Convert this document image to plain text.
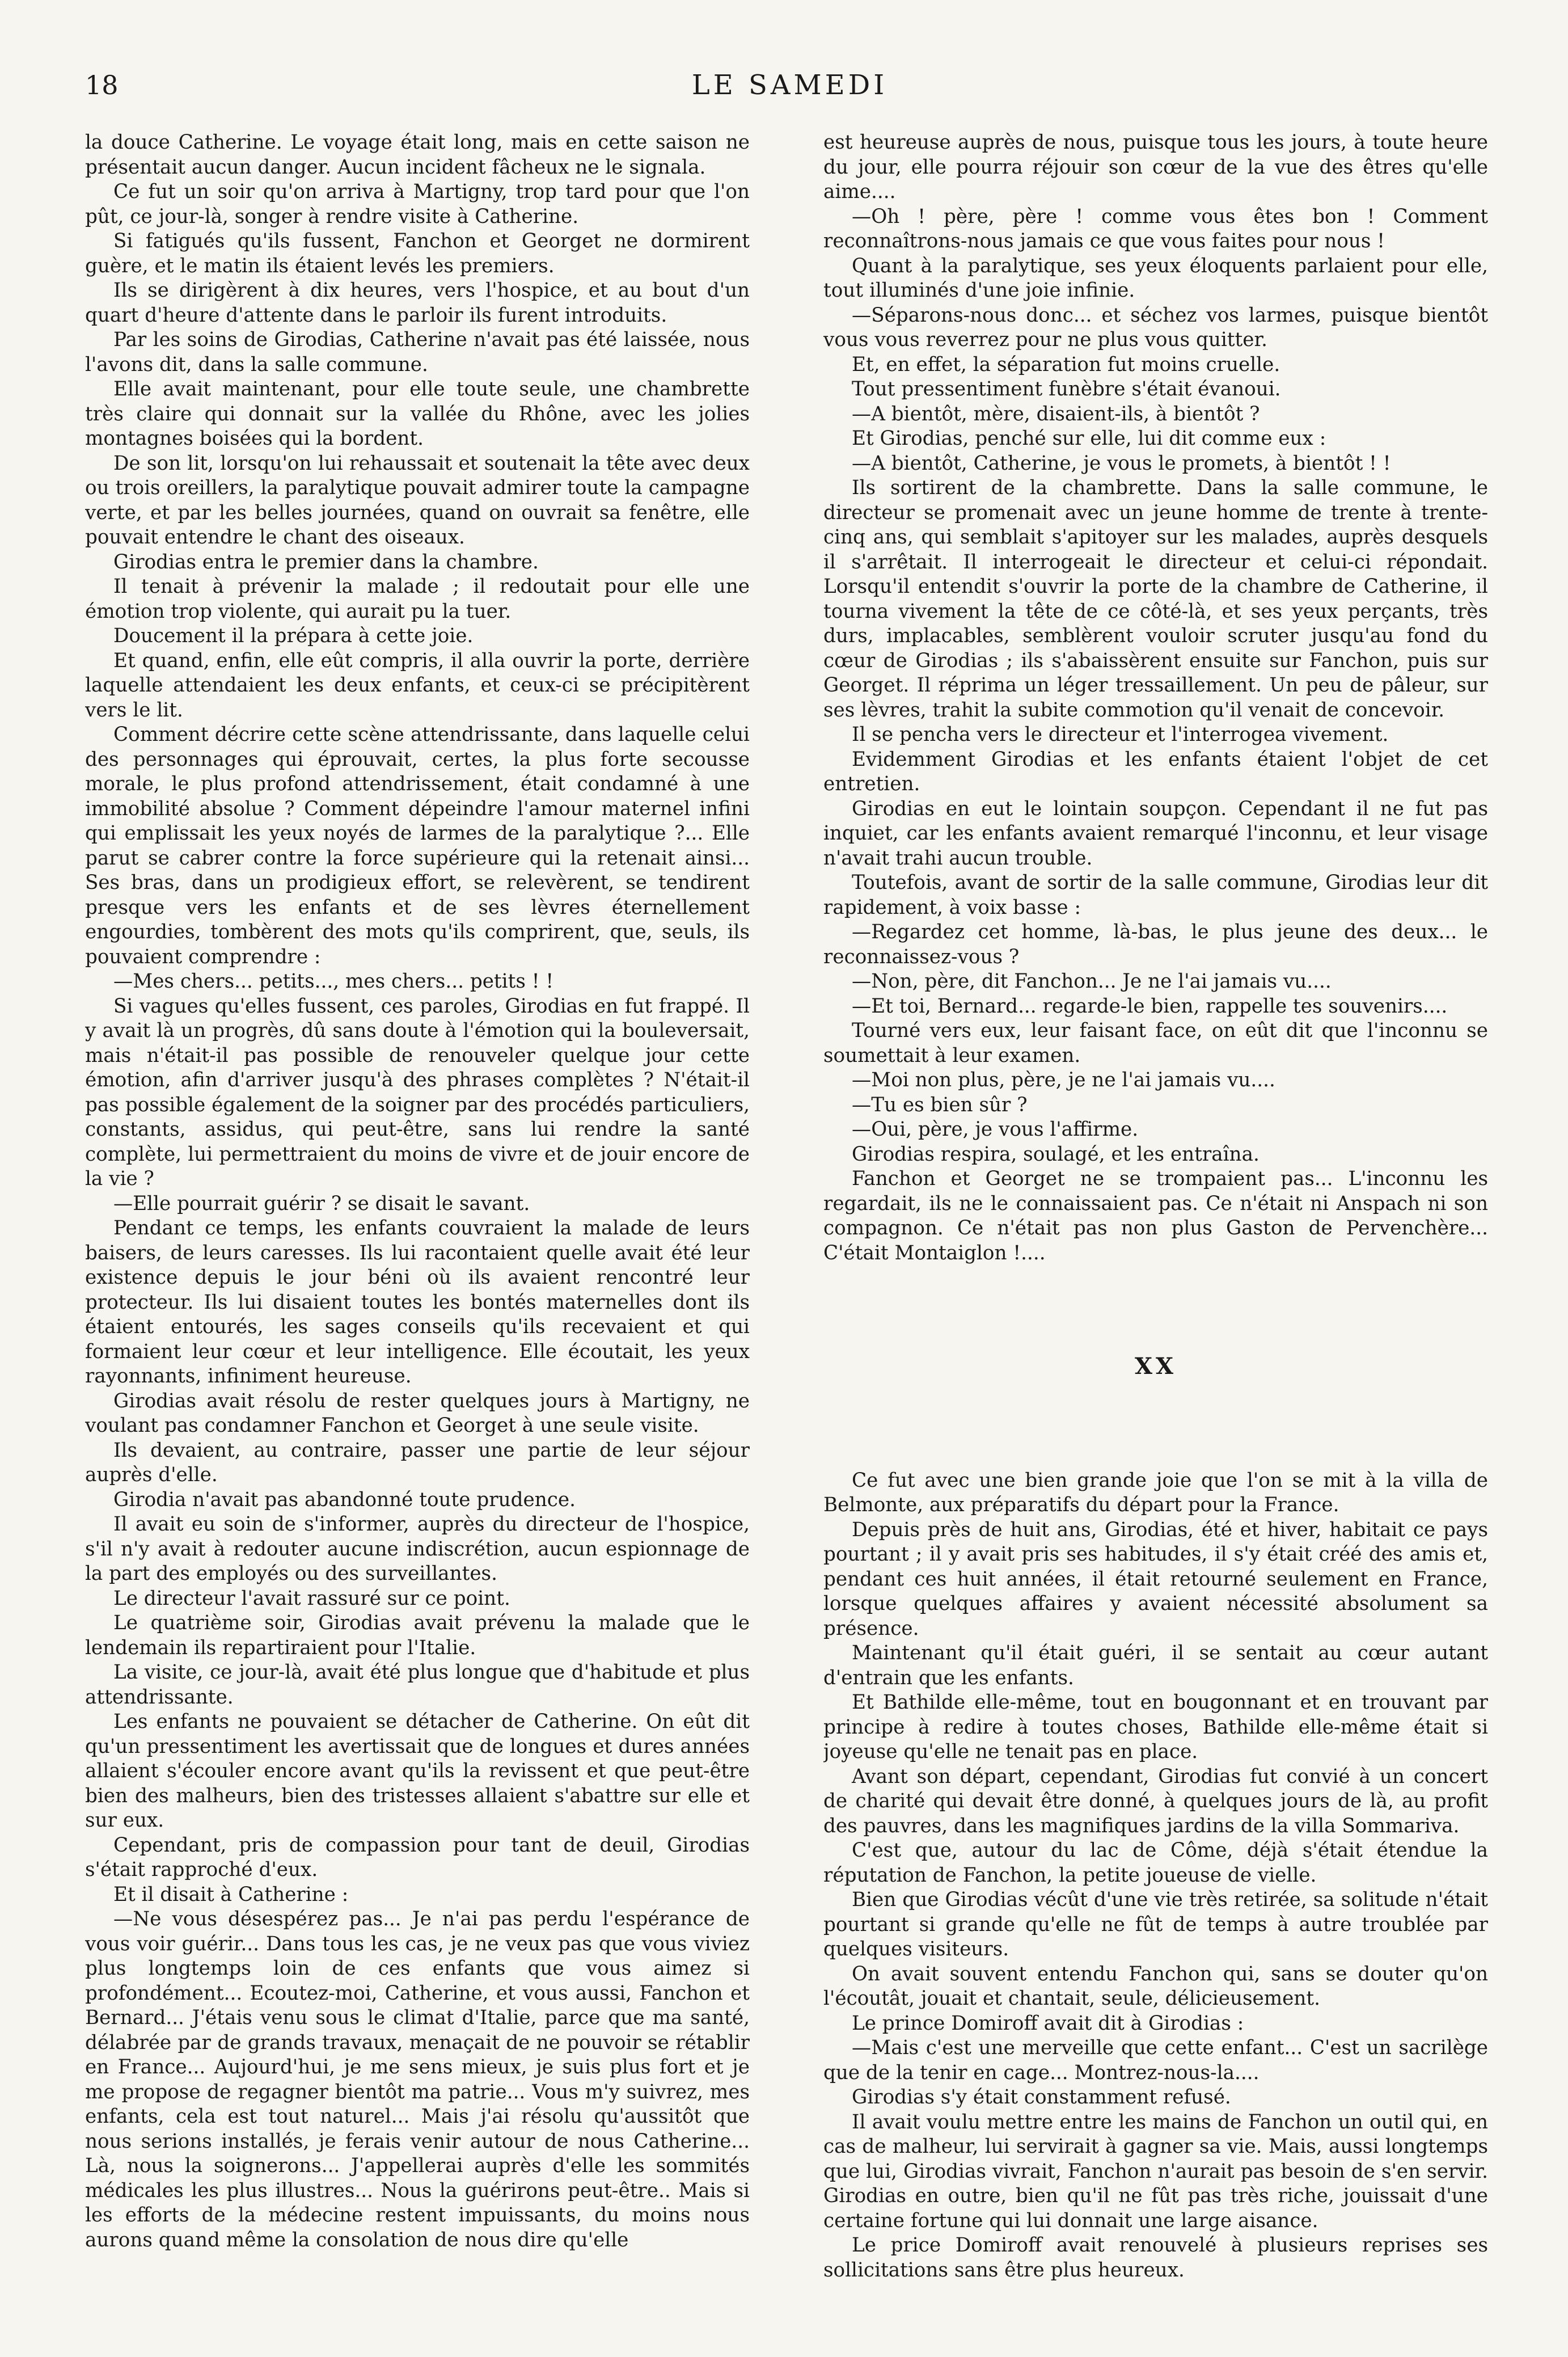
18	LE SAMEDI

la douce Catherine. Le voyage était long, mais en cette saison ne présentait aucun danger. Aucun incident fâcheux ne le signala.

Ce fut un soir qu'on arriva à Martigny, trop tard pour que l'on pût, ce jour-là, songer à rendre visite à Catherine.

Si fatigués qu'ils fussent, Fanchon et Georget ne dormirent guère, et le matin ils étaient levés les premiers.

Ils se dirigèrent à dix heures, vers l'hospice, et au bout d'un quart d'heure d'attente dans le parloir ils furent introduits.

Par les soins de Girodias, Catherine n'avait pas été laissée, nous l'avons dit, dans la salle commune.

Elle avait maintenant, pour elle toute seule, une chambrette très claire qui donnait sur la vallée du Rhône, avec les jolies montagnes boisées qui la bordent.

De son lit, lorsqu'on lui rehaussait et soutenait la tête avec deux ou trois oreillers, la paralytique pouvait admirer toute la campagne verte, et par les belles journées, quand on ouvrait sa fenêtre, elle pouvait entendre le chant des oiseaux.

Girodias entra le premier dans la chambre.

Il tenait à prévenir la malade ; il redoutait pour elle une émotion trop violente, qui aurait pu la tuer.

Doucement il la prépara à cette joie.

Et quand, enfin, elle eût compris, il alla ouvrir la porte, derrière laquelle attendaient les deux enfants, et ceux-ci se précipitèrent vers le lit.

Comment décrire cette scène attendrissante, dans laquelle celui des personnages qui éprouvait, certes, la plus forte secousse morale, le plus profond attendrissement, était condamné à une immobilité absolue ? Comment dépeindre l'amour maternel infini qui emplissait les yeux noyés de larmes de la paralytique ?... Elle parut se cabrer contre la force supérieure qui la retenait ainsi... Ses bras, dans un prodigieux effort, se relevèrent, se tendirent presque vers les enfants et de ses lèvres éternellement engourdies, tombèrent des mots qu'ils comprirent, que, seuls, ils pouvaient comprendre :

—Mes chers... petits..., mes chers... petits ! !

Si vagues qu'elles fussent, ces paroles, Girodias en fut frappé. Il y avait là un progrès, dû sans doute à l'émotion qui la bouleversait, mais n'était-il pas possible de renouveler quelque jour cette émotion, afin d'arriver jusqu'à des phrases complètes ? N'était-il pas possible également de la soigner par des procédés particuliers, constants, assidus, qui peut-être, sans lui rendre la santé complète, lui permettraient du moins de vivre et de jouir encore de la vie ?

—Elle pourrait guérir ? se disait le savant.

Pendant ce temps, les enfants couvraient la malade de leurs baisers, de leurs caresses. Ils lui racontaient quelle avait été leur existence depuis le jour béni où ils avaient rencontré leur protecteur. Ils lui disaient toutes les bontés maternelles dont ils étaient entourés, les sages conseils qu'ils recevaient et qui formaient leur cœur et leur intelligence. Elle écoutait, les yeux rayonnants, infiniment heureuse.

Girodias avait résolu de rester quelques jours à Martigny, ne voulant pas condamner Fanchon et Georget à une seule visite.

Ils devaient, au contraire, passer une partie de leur séjour auprès d'elle.

Girodia n'avait pas abandonné toute prudence.

Il avait eu soin de s'informer, auprès du directeur de l'hospice, s'il n'y avait à redouter aucune indiscrétion, aucun espionnage de la part des employés ou des surveillantes.

Le directeur l'avait rassuré sur ce point.

Le quatrième soir, Girodias avait prévenu la malade que le lendemain ils repartiraient pour l'Italie.

La visite, ce jour-là, avait été plus longue que d'habitude et plus attendrissante.

Les enfants ne pouvaient se détacher de Catherine. On eût dit qu'un pressentiment les avertissait que de longues et dures années allaient s'écouler encore avant qu'ils la revissent et que peut-être bien des malheurs, bien des tristesses allaient s'abattre sur elle et sur eux.

Cependant, pris de compassion pour tant de deuil, Girodias s'était rapproché d'eux.

Et il disait à Catherine :

—Ne vous désespérez pas... Je n'ai pas perdu l'espérance de vous voir guérir... Dans tous les cas, je ne veux pas que vous viviez plus longtemps loin de ces enfants que vous aimez si profondément... Ecoutez-moi, Catherine, et vous aussi, Fanchon et Bernard... J'étais venu sous le climat d'Italie, parce que ma santé, délabrée par de grands travaux, menaçait de ne pouvoir se rétablir en France... Aujourd'hui, je me sens mieux, je suis plus fort et je me propose de regagner bientôt ma patrie... Vous m'y suivrez, mes enfants, cela est tout naturel... Mais j'ai résolu qu'aussitôt que nous serions installés, je ferais venir autour de nous Catherine... Là, nous la soignerons... J'appellerai auprès d'elle les sommités médicales les plus illustres... Nous la guérirons peut-être.. Mais si les efforts de la médecine restent impuissants, du moins nous aurons quand même la consolation de nous dire qu'elle

est heureuse auprès de nous, puisque tous les jours, à toute heure du jour, elle pourra réjouir son cœur de la vue des êtres qu'elle aime....

—Oh ! père, père ! comme vous êtes bon ! Comment reconnaîtrons-nous jamais ce que vous faites pour nous !

Quant à la paralytique, ses yeux éloquents parlaient pour elle, tout illuminés d'une joie infinie.

—Séparons-nous donc... et séchez vos larmes, puisque bientôt vous vous reverrez pour ne plus vous quitter.

Et, en effet, la séparation fut moins cruelle.

Tout pressentiment funèbre s'était évanoui.

—A bientôt, mère, disaient-ils, à bientôt ?

Et Girodias, penché sur elle, lui dit comme eux :

—A bientôt, Catherine, je vous le promets, à bientôt ! !

Ils sortirent de la chambrette. Dans la salle commune, le directeur se promenait avec un jeune homme de trente à trente-cinq ans, qui semblait s'apitoyer sur les malades, auprès desquels il s'arrêtait. Il interrogeait le directeur et celui-ci répondait. Lorsqu'il entendit s'ouvrir la porte de la chambre de Catherine, il tourna vivement la tête de ce côté-là, et ses yeux perçants, très durs, implacables, semblèrent vouloir scruter jusqu'au fond du cœur de Girodias ; ils s'abaissèrent ensuite sur Fanchon, puis sur Georget. Il réprima un léger tressaillement. Un peu de pâleur, sur ses lèvres, trahit la subite commotion qu'il venait de concevoir.

Il se pencha vers le directeur et l'interrogea vivement.

Evidemment Girodias et les enfants étaient l'objet de cet entretien.

Girodias en eut le lointain soupçon. Cependant il ne fut pas inquiet, car les enfants avaient remarqué l'inconnu, et leur visage n'avait trahi aucun trouble.

Toutefois, avant de sortir de la salle commune, Girodias leur dit rapidement, à voix basse :

—Regardez cet homme, là-bas, le plus jeune des deux... le reconnaissez-vous ?

—Non, père, dit Fanchon... Je ne l'ai jamais vu....

—Et toi, Bernard... regarde-le bien, rappelle tes souvenirs....

Tourné vers eux, leur faisant face, on eût dit que l'inconnu se soumettait à leur examen.

—Moi non plus, père, je ne l'ai jamais vu....

—Tu es bien sûr ?

—Oui, père, je vous l'affirme.

Girodias respira, soulagé, et les entraîna.

Fanchon et Georget ne se trompaient pas... L'inconnu les regardait, ils ne le connaissaient pas. Ce n'était ni Anspach ni son compagnon. Ce n'était pas non plus Gaston de Pervenchère... C'était Montaiglon !....

XX

Ce fut avec une bien grande joie que l'on se mit à la villa de Belmonte, aux préparatifs du départ pour la France.

Depuis près de huit ans, Girodias, été et hiver, habitait ce pays pourtant ; il y avait pris ses habitudes, il s'y était créé des amis et, pendant ces huit années, il était retourné seulement en France, lorsque quelques affaires y avaient nécessité absolument sa présence.

Maintenant qu'il était guéri, il se sentait au cœur autant d'entrain que les enfants.

Et Bathilde elle-même, tout en bougonnant et en trouvant par principe à redire à toutes choses, Bathilde elle-même était si joyeuse qu'elle ne tenait pas en place.

Avant son départ, cependant, Girodias fut convié à un concert de charité qui devait être donné, à quelques jours de là, au profit des pauvres, dans les magnifiques jardins de la villa Sommariva.

C'est que, autour du lac de Côme, déjà s'était étendue la réputation de Fanchon, la petite joueuse de vielle.

Bien que Girodias vécût d'une vie très retirée, sa solitude n'était pourtant si grande qu'elle ne fût de temps à autre troublée par quelques visiteurs.

On avait souvent entendu Fanchon qui, sans se douter qu'on l'écoutât, jouait et chantait, seule, délicieusement.

Le prince Domiroff avait dit à Girodias :

—Mais c'est une merveille que cette enfant... C'est un sacrilège que de la tenir en cage... Montrez-nous-la....

Girodias s'y était constamment refusé.

Il avait voulu mettre entre les mains de Fanchon un outil qui, en cas de malheur, lui servirait à gagner sa vie. Mais, aussi longtemps que lui, Girodias vivrait, Fanchon n'aurait pas besoin de s'en servir. Girodias en outre, bien qu'il ne fût pas très riche, jouissait d'une certaine fortune qui lui donnait une large aisance.

Le price Domiroff avait renouvelé à plusieurs reprises ses sollicitations sans être plus heureux.
